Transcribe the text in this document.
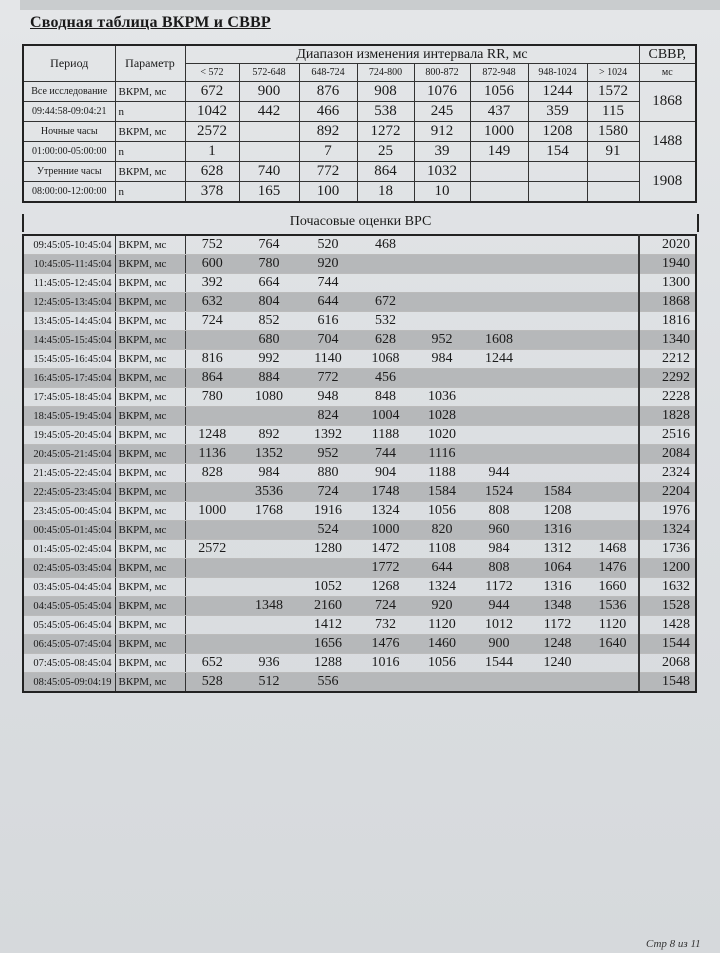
Сводная таблица ВКРМ и СВВР
Период	Параметр	Диапазон изменения интервала RR, мс								СВВР,
		< 572	572-648	648-724	724-800	800-872	872-948	948-1024	> 1024	мс
Все исследование	ВКРМ, мс	672	900	876	908	1076	1056	1244	1572	1868
09:44:58-09:04:21	n	1042	442	466	538	245	437	359	115	
Ночные часы	ВКРМ, мс	2572		892	1272	912	1000	1208	1580	1488
01:00:00-05:00:00	n	1		7	25	39	149	154	91	
Утренние часы	ВКРМ, мс	628	740	772	864	1032				1908
08:00:00-12:00:00	n	378	165	100	18	10				
Почасовые оценки ВРС
09:45:05-10:45:04	ВКРМ, мс	752	764	520	468					2020
10:45:05-11:45:04	ВКРМ, мс	600	780	920						1940
11:45:05-12:45:04	ВКРМ, мс	392	664	744						1300
12:45:05-13:45:04	ВКРМ, мс	632	804	644	672					1868
13:45:05-14:45:04	ВКРМ, мс	724	852	616	532					1816
14:45:05-15:45:04	ВКРМ, мс		680	704	628	952	1608			1340
15:45:05-16:45:04	ВКРМ, мс	816	992	1140	1068	984	1244			2212
16:45:05-17:45:04	ВКРМ, мс	864	884	772	456					2292
17:45:05-18:45:04	ВКРМ, мс	780	1080	948	848	1036				2228
18:45:05-19:45:04	ВКРМ, мс			824	1004	1028				1828
19:45:05-20:45:04	ВКРМ, мс	1248	892	1392	1188	1020				2516
20:45:05-21:45:04	ВКРМ, мс	1136	1352	952	744	1116				2084
21:45:05-22:45:04	ВКРМ, мс	828	984	880	904	1188	944			2324
22:45:05-23:45:04	ВКРМ, мс		3536	724	1748	1584	1524	1584		2204
23:45:05-00:45:04	ВКРМ, мс	1000	1768	1916	1324	1056	808	1208		1976
00:45:05-01:45:04	ВКРМ, мс			524	1000	820	960	1316		1324
01:45:05-02:45:04	ВКРМ, мс	2572		1280	1472	1108	984	1312	1468	1736
02:45:05-03:45:04	ВКРМ, мс				1772	644	808	1064	1476	1200
03:45:05-04:45:04	ВКРМ, мс			1052	1268	1324	1172	1316	1660	1632
04:45:05-05:45:04	ВКРМ, мс		1348	2160	724	920	944	1348	1536	1528
05:45:05-06:45:04	ВКРМ, мс			1412	732	1120	1012	1172	1120	1428
06:45:05-07:45:04	ВКРМ, мс			1656	1476	1460	900	1248	1640	1544
07:45:05-08:45:04	ВКРМ, мс	652	936	1288	1016	1056	1544	1240		2068
08:45:05-09:04:19	ВКРМ, мс	528	512	556						1548
Стр 8 из 11
